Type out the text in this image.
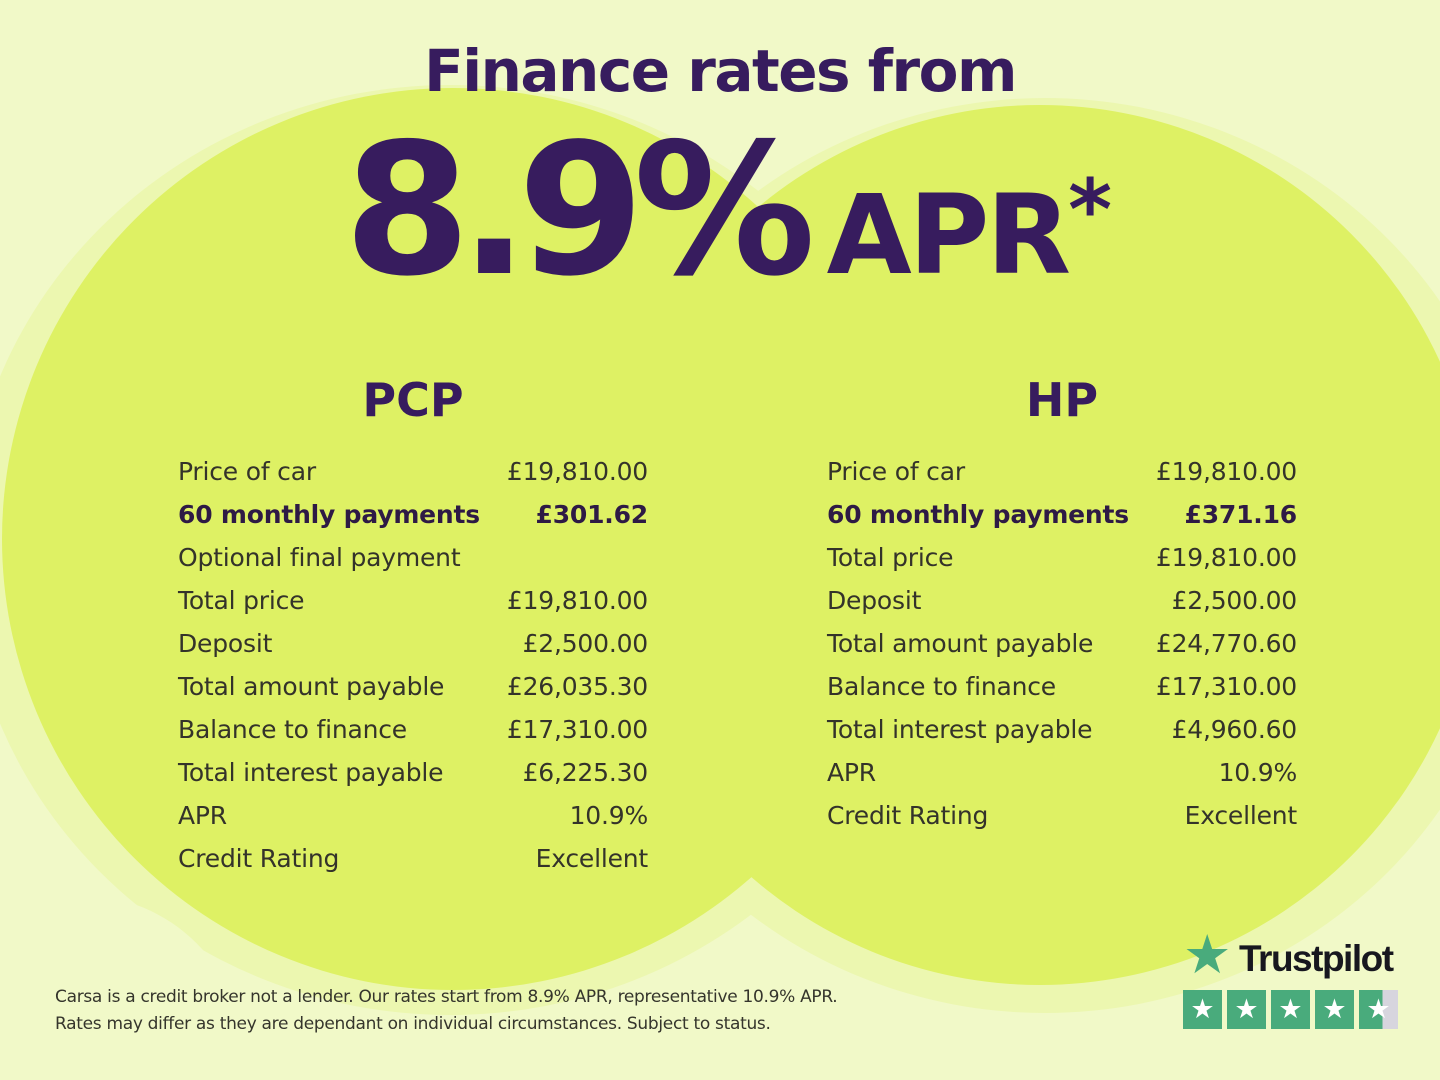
Finance rates from
8.9% APR*
PCP
Price of car	£19,810.00
60 monthly payments £301.62
Optional final payment
Total price	£19,810.00
Deposit	£2,500.00
Total amount payable	£26,035.30
Balance to finance	£17,310.00
Total interest payable	£6,225.30
APR	10.9%
Credit Rating	Excellent
HP
Price of car	£19,810.00
60 monthly payments £371.16
Total price	£19,810.00
Deposit	£2,500.00
Total amount payable	£24,770.60
Balance to finance	£17,310.00
Total interest payable	£4,960.60
APR	10.9%
Credit Rating	Excellent
Carsa is a credit broker not a lender. Our rates start from 8.9% APR, representative 10.9% APR.
Rates may differ as they are dependant on individual circumstances. Subject to status.
★ Trustpilot
★ ★ ★ ★ ★
